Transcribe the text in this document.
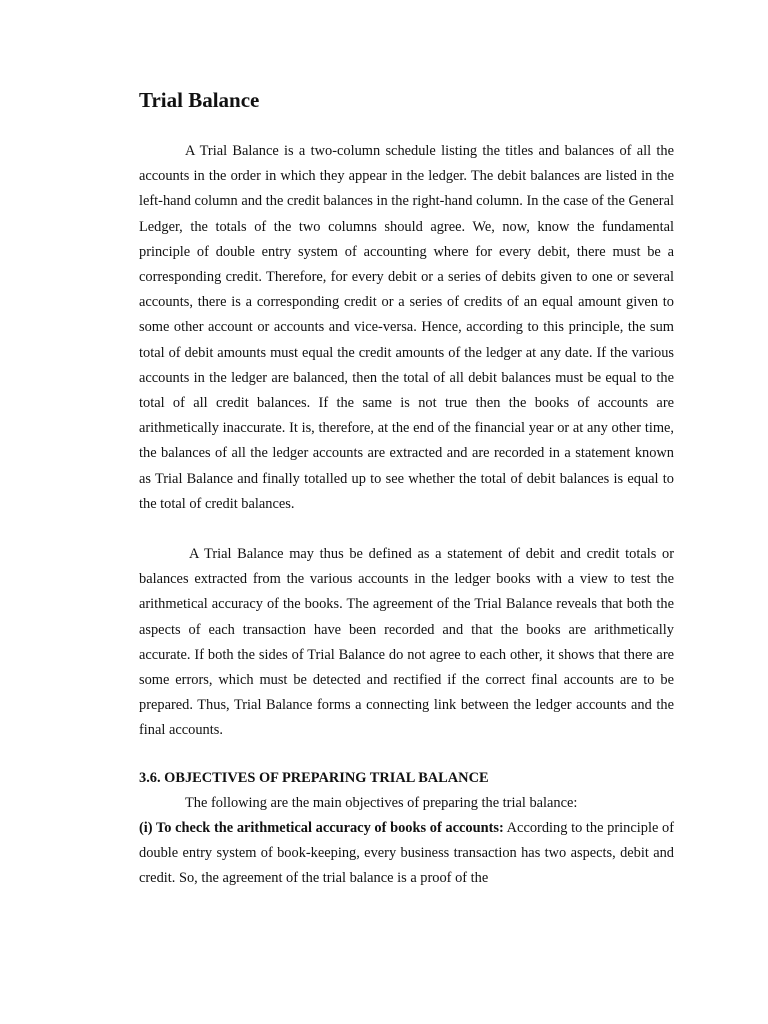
Trial Balance

A Trial Balance is a two-column schedule listing the titles and balances of all the accounts in the order in which they appear in the ledger. The debit balances are listed in the left-hand column and the credit balances in the right-hand column. In the case of the General Ledger, the totals of the two columns should agree. We, now, know the fundamental principle of double entry system of accounting where for every debit, there must be a corresponding credit. Therefore, for every debit or a series of debits given to one or several accounts, there is a corresponding credit or a series of credits of an equal amount given to some other account or accounts and vice-versa. Hence, according to this principle, the sum total of debit amounts must equal the credit amounts of the ledger at any date. If the various accounts in the ledger are balanced, then the total of all debit balances must be equal to the total of all credit balances. If the same is not true then the books of accounts are arithmetically inaccurate. It is, therefore, at the end of the financial year or at any other time, the balances of all the ledger accounts are extracted and are recorded in a statement known as Trial Balance and finally totalled up to see whether the total of debit balances is equal to the total of credit balances.

A Trial Balance may thus be defined as a statement of debit and credit totals or balances extracted from the various accounts in the ledger books with a view to test the arithmetical accuracy of the books. The agreement of the Trial Balance reveals that both the aspects of each transaction have been recorded and that the books are arithmetically accurate. If both the sides of Trial Balance do not agree to each other, it shows that there are some errors, which must be detected and rectified if the correct final accounts are to be prepared. Thus, Trial Balance forms a connecting link between the ledger accounts and the final accounts.

3.6. OBJECTIVES OF PREPARING TRIAL BALANCE

The following are the main objectives of preparing the trial balance:

(i) To check the arithmetical accuracy of books of accounts: According to the principle of double entry system of book-keeping, every business transaction has two aspects, debit and credit. So, the agreement of the trial balance is a proof of the
